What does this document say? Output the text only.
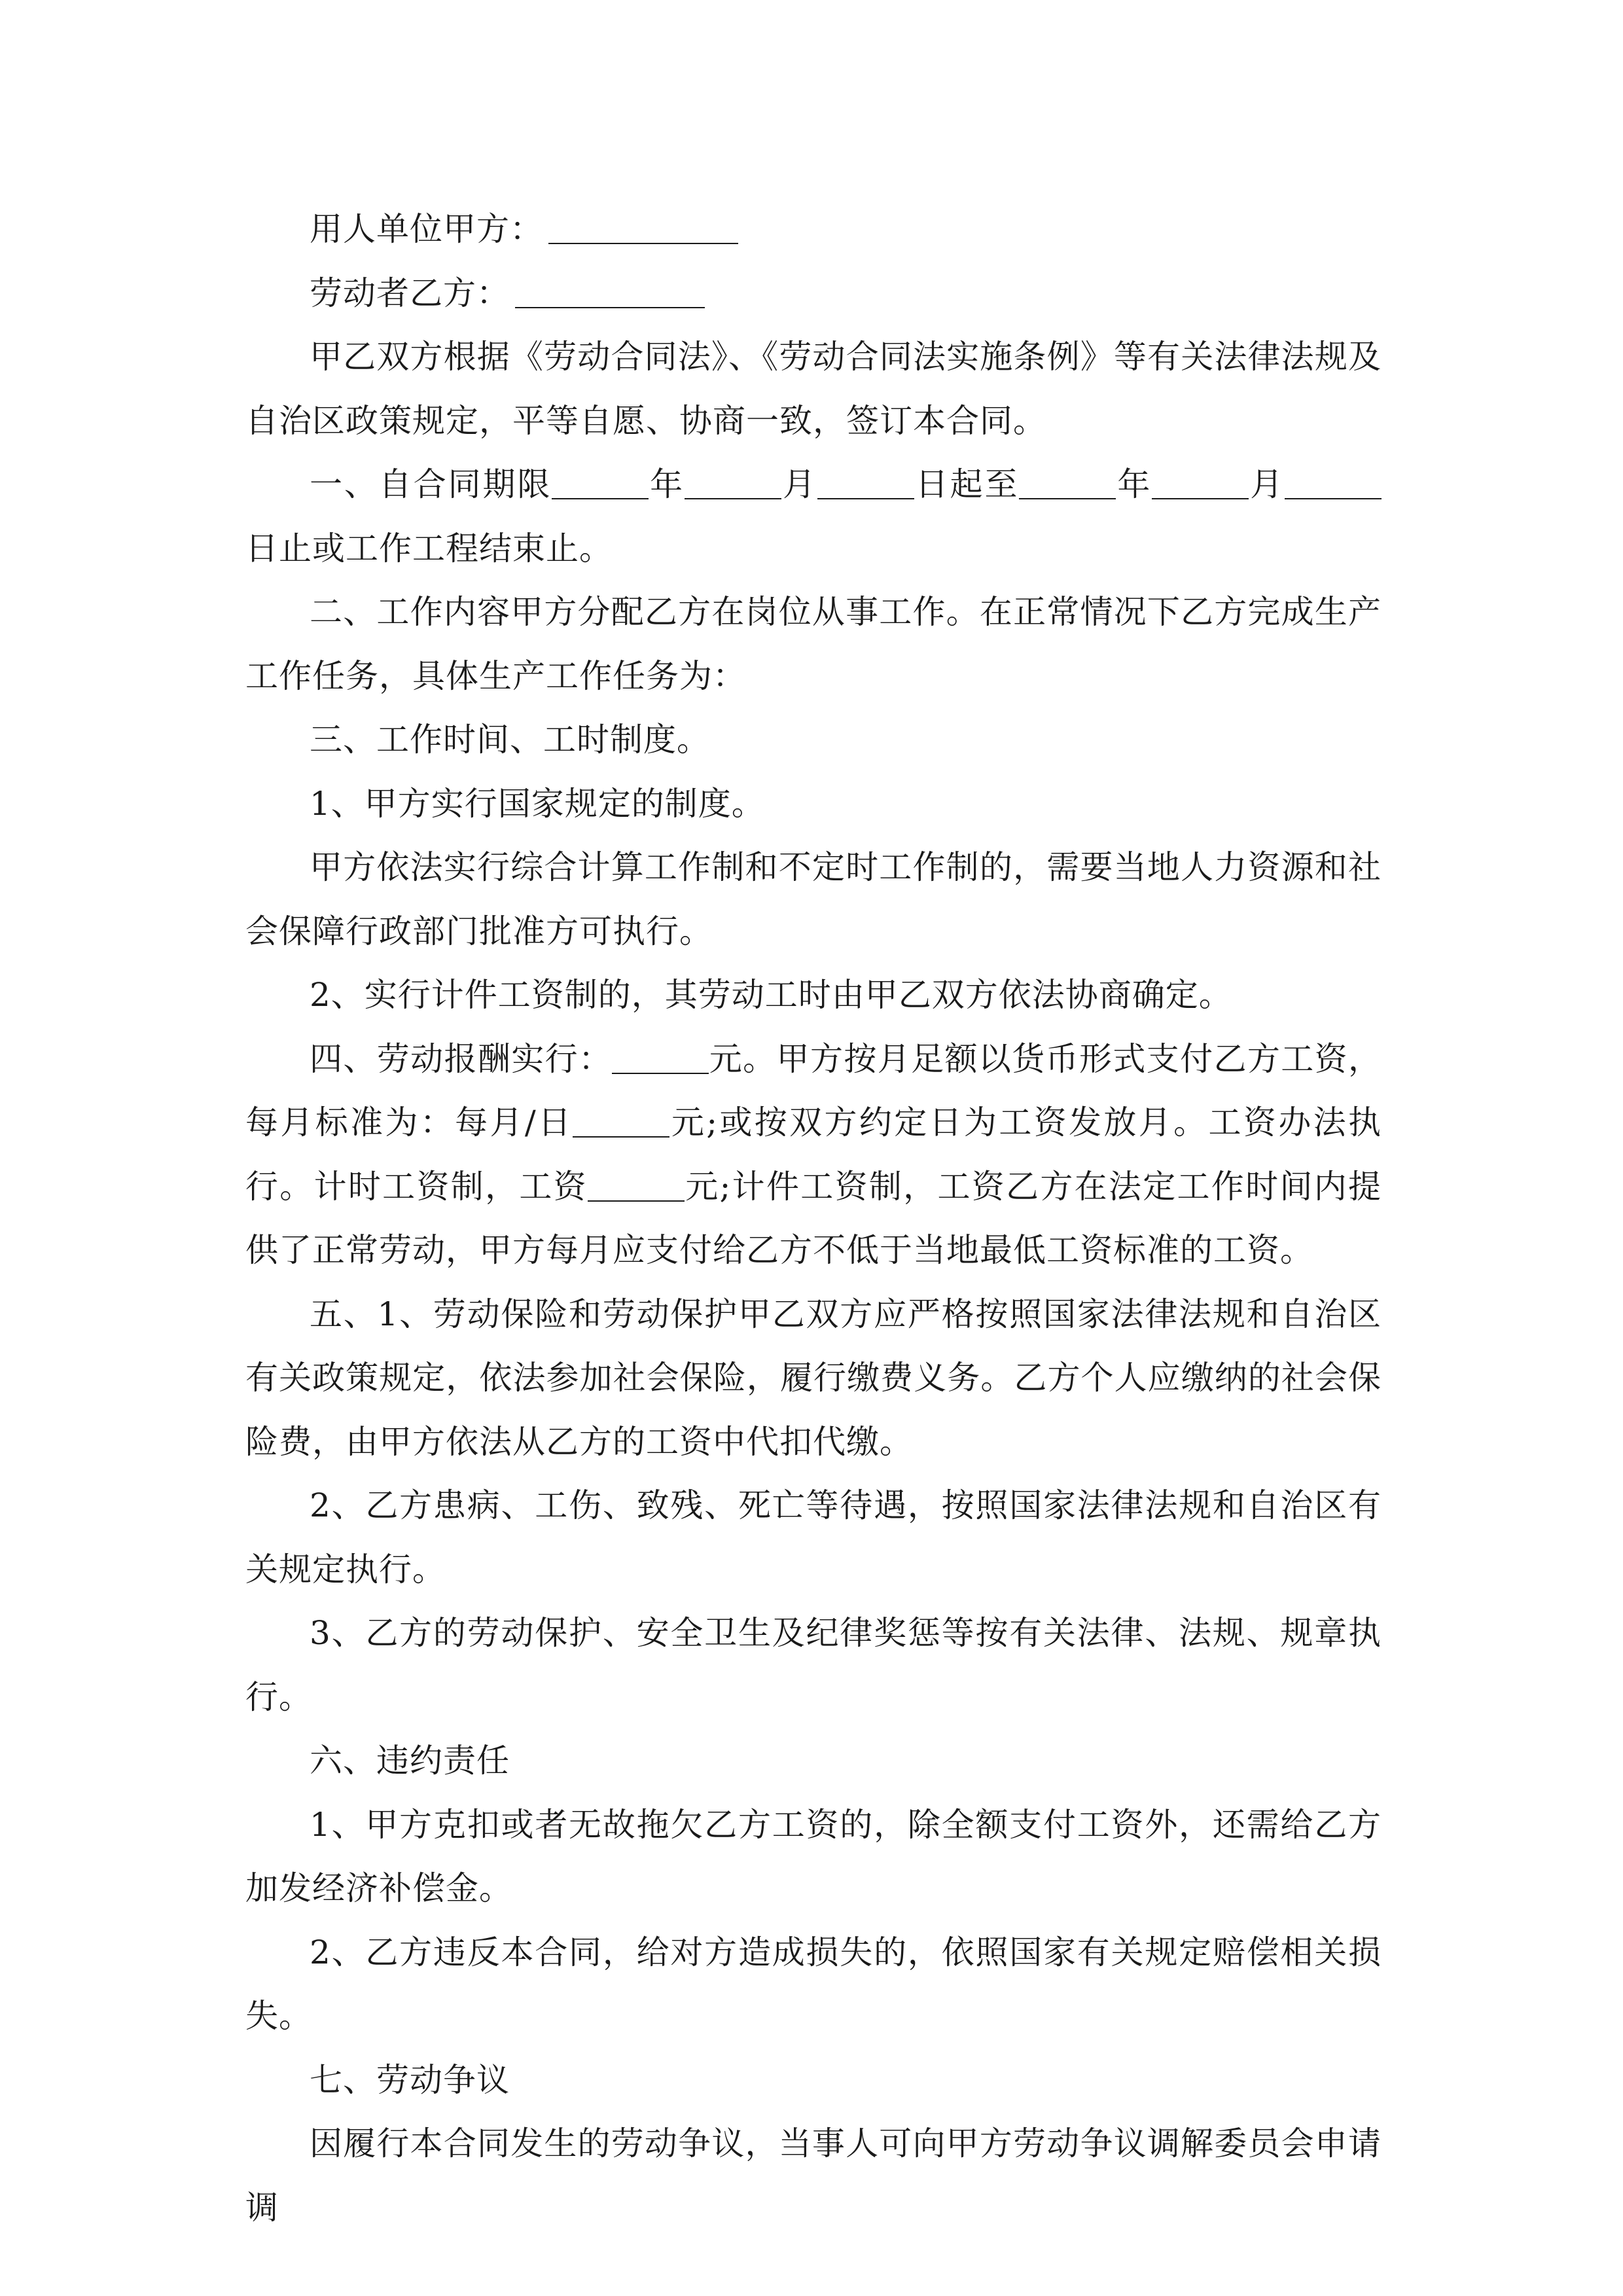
用人单位甲方：

劳动者乙方：

甲乙双方根据《劳动合同法》、《劳动合同法实施条例》等有关法律法规及自治区政策规定，平等自愿、协商一致，签订本合同。

一、自合同期限	年	月	日起至	年	月日止或工作工程结束止。

二、工作内容甲方分配乙方在岗位从事工作。在正常情况下乙方完成生产工作任务，具体生产工作任务为：

三、工作时间、工时制度。

1、甲方实行国家规定的制度。

甲方依法实行综合计算工作制和不定时工作制的，需要当地人力资源和社会保障行政部门批准方可执行。

2、实行计件工资制的，其劳动工时由甲乙双方依法协商确定。

四、劳动报酬实行：	元。甲方按月足额以货币形式支付乙方工资，每月标准为：每月/日	元;或按双方约定日为工资发放月。工资办法执行。计时工资制，工资	元;计件工资制，工资乙方在法定工作时间内提供了正常劳动，甲方每月应支付给乙方不低于当地最低工资标准的工资。

五、1、劳动保险和劳动保护甲乙双方应严格按照国家法律法规和自治区有关政策规定，依法参加社会保险，履行缴费义务。乙方个人应缴纳的社会保险费，由甲方依法从乙方的工资中代扣代缴。

2、乙方患病、工伤、致残、死亡等待遇，按照国家法律法规和自治区有关规定执行。

3、乙方的劳动保护、安全卫生及纪律奖惩等按有关法律、法规、规章执行。

六、违约责任

1、甲方克扣或者无故拖欠乙方工资的，除全额支付工资外，还需给乙方加发经济补偿金。

2、乙方违反本合同，给对方造成损失的，依照国家有关规定赔偿相关损失。

七、劳动争议

因履行本合同发生的劳动争议，当事人可向甲方劳动争议调解委员会申请调
